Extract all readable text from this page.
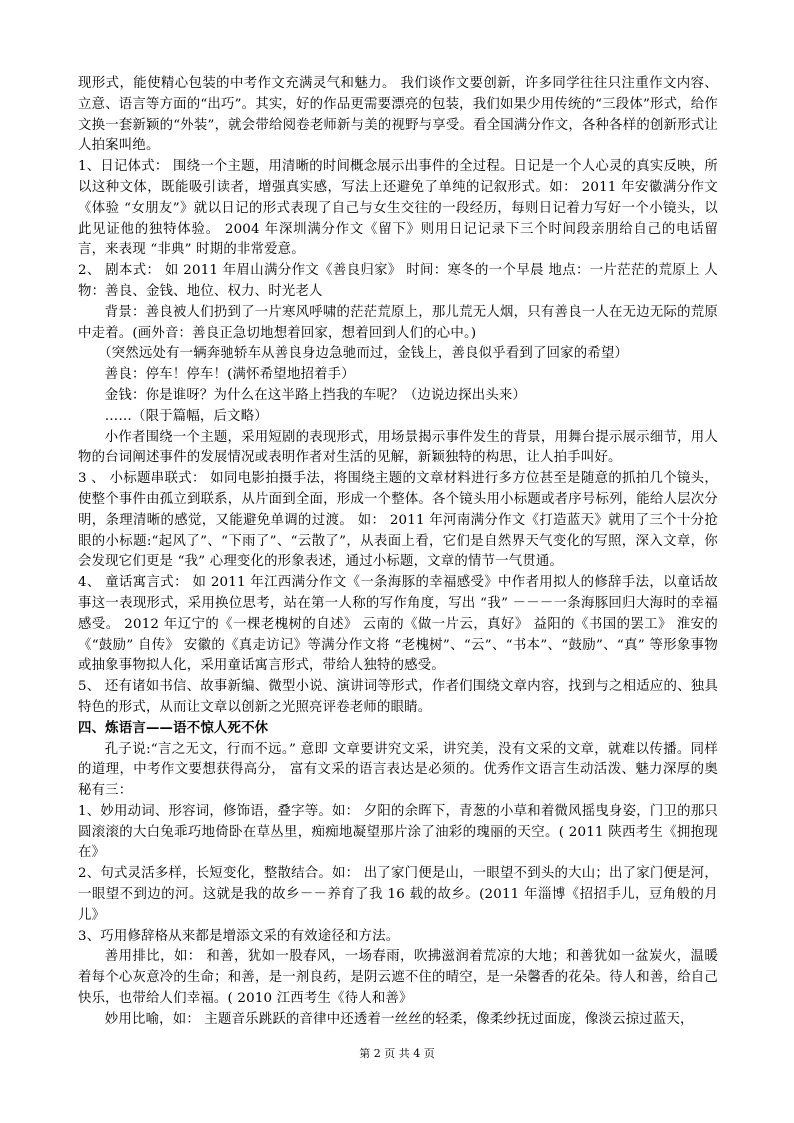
现形式，能使精心包装的中考作文充满灵气和魅力。 我们谈作文要创新，许多同学往往只注重作文内容、立意、语言等方面的“出巧”。其实，好的作品更需要漂亮的包装，我们如果少用传统的“三段体”形式，给作文换一套新颖的“外装”，就会带给阅卷老师新与美的视野与享受。看全国满分作文，各种各样的创新形式让人拍案叫绝。

1、日记体式： 围绕一个主题，用清晰的时间概念展示出事件的全过程。日记是一个人心灵的真实反映，所以这种文体，既能吸引读者，增强真实感，写法上还避免了单纯的记叙形式。如： 2011 年安徽满分作文《体验 “女朋友”》就以日记的形式表现了自己与女生交往的一段经历，每则日记着力写好一个小镜头，以此见证他的独特体验。 2004 年深圳满分作文《留下》则用日记记录下三个时间段亲朋给自己的电话留言，来表现 “非典” 时期的非常爱意。

2、 剧本式： 如 2011 年眉山满分作文《善良归家》 时间：寒冬的一个早晨 地点：一片茫茫的荒原上 人物：善良、金钱、地位、权力、时光老人

背景：善良被人们扔到了一片寒风呼啸的茫茫荒原上，那儿荒无人烟，只有善良一人在无边无际的荒原中走着。(画外音：善良正急切地想着回家，想着回到人们的心中。)

（突然远处有一辆奔驰轿车从善良身边急驰而过，金钱上，善良似乎看到了回家的希望）

善良：停车！停车！(满怀希望地招着手）

金钱：你是谁呀？为什么在这半路上挡我的车呢？（边说边探出头来）

……（限于篇幅，后文略）

小作者围绕一个主题，采用短剧的表现形式，用场景揭示事件发生的背景，用舞台提示展示细节，用人物的台词阐述事件的发展情况或表明作者对生活的见解，新颖独特的构思，让人拍手叫好。

3 、 小标题串联式： 如同电影拍摄手法，将围绕主题的文章材料进行多方位甚至是随意的抓拍几个镜头，使整个事件由孤立到联系，从片面到全面，形成一个整体。各个镜头用小标题或者序号标列，能给人层次分明，条理清晰的感觉，又能避免单调的过渡。 如： 2011 年河南满分作文《打造蓝天》就用了三个十分抢眼的小标题:“起风了”、“下雨了”、“云散了”，从表面上看，它们是自然界天气变化的写照，深入文章，你会发现它们更是 “我” 心理变化的形象表述，通过小标题，文章的情节一气贯通。

4、 童话寓言式： 如 2011 年江西满分作文《一条海豚的幸福感受》中作者用拟人的修辞手法，以童话故事这一表现形式，采用换位思考，站在第一人称的写作角度，写出 “我” －－－一条海豚回归大海时的幸福感受。 2012 年辽宁的《一棵老槐树的自述》 云南的《做一片云，真好》 益阳的《书国的罢工》 淮安的《“鼓励” 自传》 安徽的《真走访记》等满分作文将 “老槐树”、“云”、“书本”、“鼓励”、“真” 等形象事物或抽象事物拟人化，采用童话寓言形式，带给人独特的感受。

5、 还有诸如书信、故事新编、微型小说、演讲词等形式，作者们围绕文章内容，找到与之相适应的、独具特色的形式，从而让文章以创新之光照亮评卷老师的眼睛。

四、炼语言——语不惊人死不休

孔子说:“言之无文，行而不远。” 意即 文章要讲究文采，讲究美，没有文采的文章，就难以传播。同样的道理，中考作文要想获得高分， 富有文采的语言表达是必须的。优秀作文语言生动活泼、魅力深厚的奥秘有三：

1、妙用动词、形容词，修饰语，叠字等。如： 夕阳的余晖下，青葱的小草和着微风摇曳身姿，门卫的那只圆滚滚的大白兔乖巧地倚卧在草丛里，痴痴地凝望那片涂了油彩的瑰丽的天空。( 2011 陕西考生《拥抱现在》

2、句式灵活多样，长短变化，整散结合。如： 出了家门便是山，一眼望不到头的大山；出了家门便是河，一眼望不到边的河。这就是我的故乡－－养育了我 16 载的故乡。(2011 年淄博《招招手儿，豆角般的月儿》

3、巧用修辞格从来都是增添文采的有效途径和方法。

善用排比，如： 和善，犹如一股春风，一场春雨，吹拂滋润着荒凉的大地；和善犹如一盆炭火，温暖着每个心灰意冷的生命；和善，是一剂良药，是阴云遮不住的晴空，是一朵馨香的花朵。待人和善，给自己快乐，也带给人们幸福。( 2010 江西考生《待人和善》

妙用比喻，如： 主题音乐跳跃的音律中还透着一丝丝的轻柔，像柔纱抚过面庞，像淡云掠过蓝天，

第 2 页 共 4 页
